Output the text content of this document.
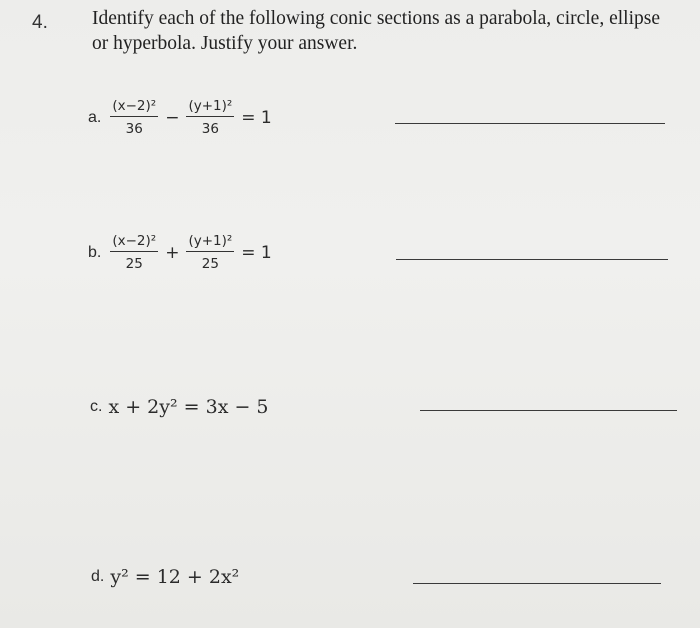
4. Identify each of the following conic sections as a parabola, circle, ellipse or hyperbola. Justify your answer.
a. $\frac{\text{(x−2)²}}{36} - \frac{\text{(y+1)²}}{36} = 1$
b. $\frac{\text{(x−2)²}}{25} + \frac{\text{(y+1)²}}{25} = 1$
c. x + 2y² = 3x − 5
d. y² = 12 + 2x²
